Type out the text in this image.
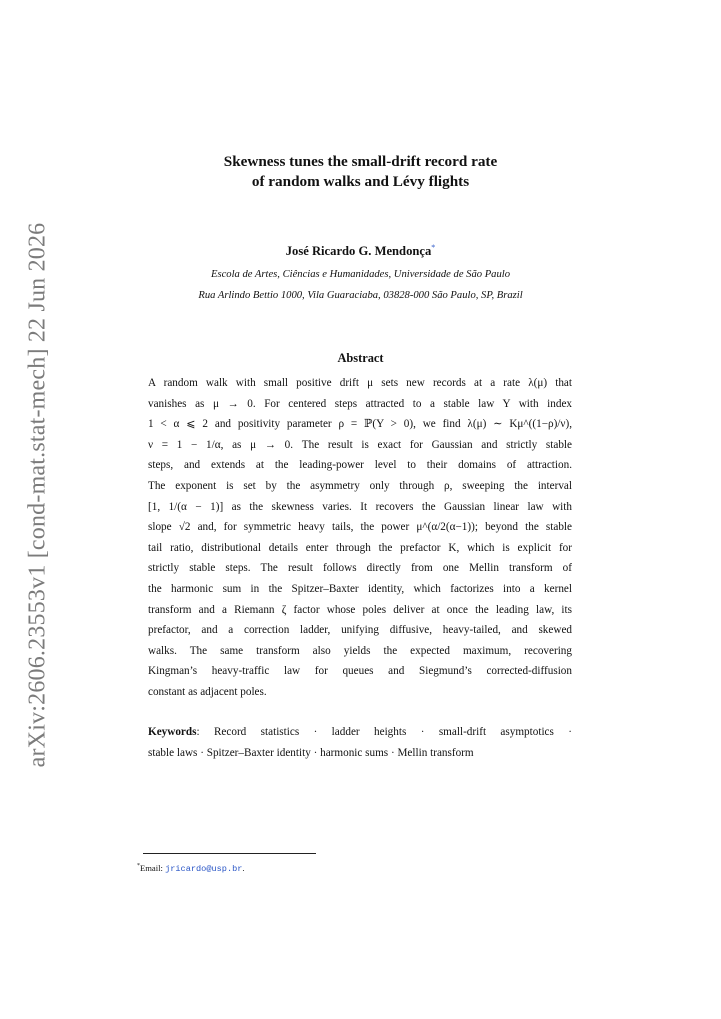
arXiv:2606.23553v1 [cond-mat.stat-mech] 22 Jun 2026
Skewness tunes the small-drift record rate
of random walks and Lévy flights
José Ricardo G. Mendonça*
Escola de Artes, Ciências e Humanidades, Universidade de São Paulo
Rua Arlindo Bettio 1000, Vila Guaraciaba, 03828-000 São Paulo, SP, Brazil
Abstract
A random walk with small positive drift μ sets new records at a rate λ(μ) that
vanishes as μ → 0. For centered steps attracted to a stable law Y with index
1 < α ⩽ 2 and positivity parameter ρ = ℙ(Y > 0), we find λ(μ) ∼ Kμ^((1−ρ)/ν),
ν = 1 − 1/α, as μ → 0. The result is exact for Gaussian and strictly stable
steps, and extends at the leading-power level to their domains of attraction.
The exponent is set by the asymmetry only through ρ, sweeping the interval
[1, 1/(α − 1)] as the skewness varies. It recovers the Gaussian linear law with
slope √2 and, for symmetric heavy tails, the power μ^(α/2(α−1)); beyond the stable
tail ratio, distributional details enter through the prefactor K, which is explicit for
strictly stable steps. The result follows directly from one Mellin transform of
the harmonic sum in the Spitzer–Baxter identity, which factorizes into a kernel
transform and a Riemann ζ factor whose poles deliver at once the leading law, its
prefactor, and a correction ladder, unifying diffusive, heavy-tailed, and skewed
walks. The same transform also yields the expected maximum, recovering
Kingman’s heavy-traffic law for queues and Siegmund’s corrected-diffusion
constant as adjacent poles.
Keywords: Record statistics · ladder heights · small-drift asymptotics ·
stable laws · Spitzer–Baxter identity · harmonic sums · Mellin transform
*Email: jricardo@usp.br.
